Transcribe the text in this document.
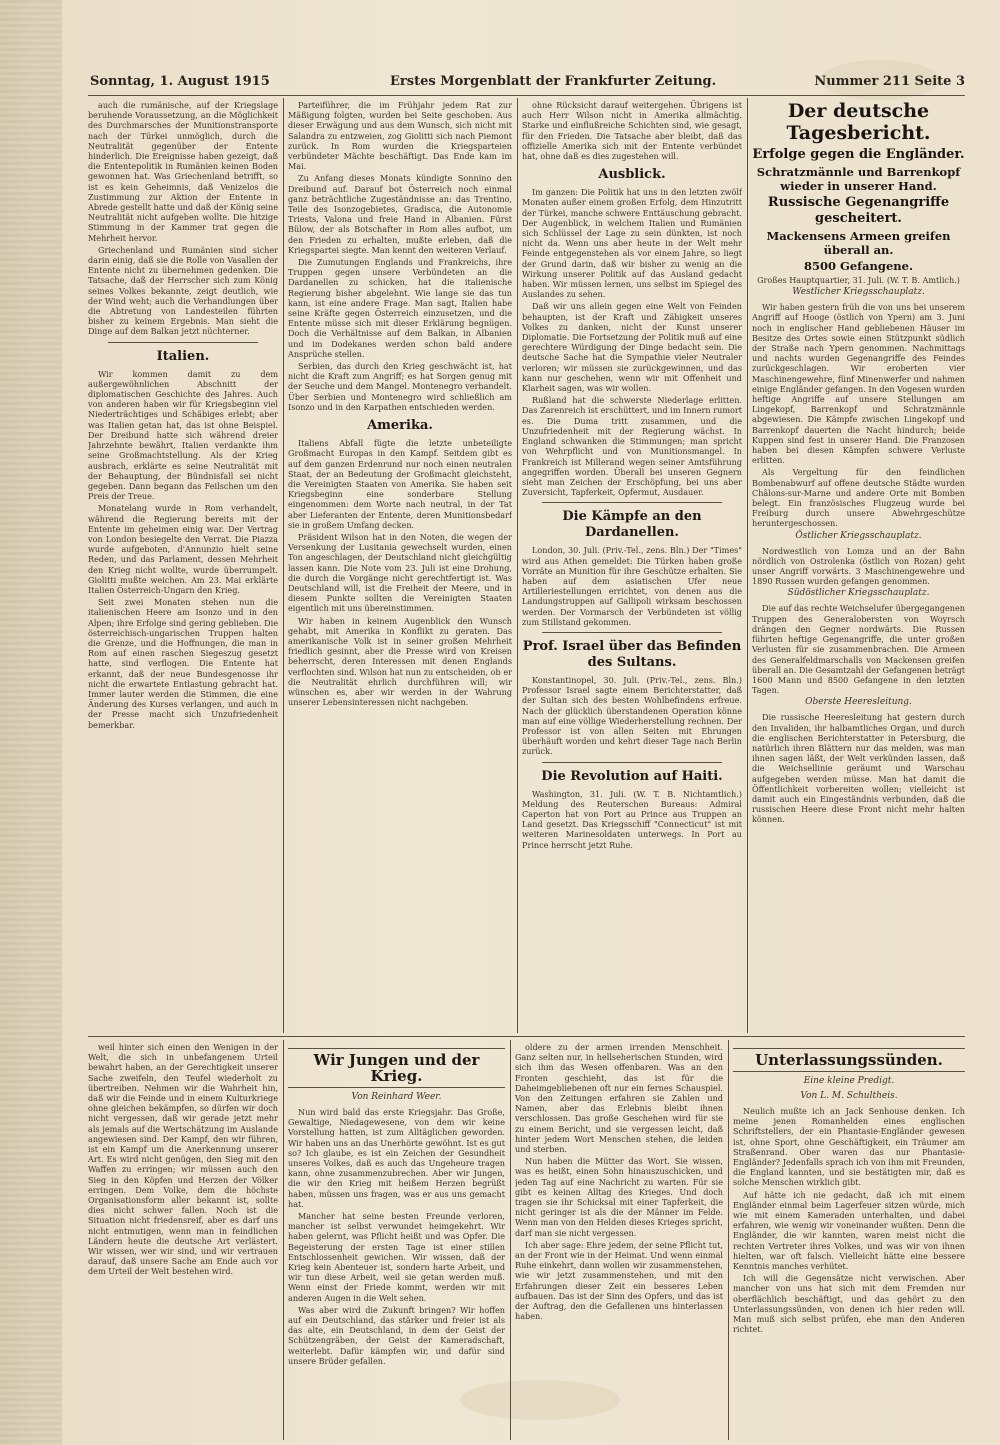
Sonntag, 1. August 1915	Erstes Morgenblatt der Frankfurter Zeitung.	Nummer 211 Seite 3

auch die rumänische, auf der Kriegslage beruhende Voraussetzung, an die Möglichkeit des Durchmarsches der Munitionstransporte nach der Türkei unmöglich, durch die Neutralität gegenüber der Entente hinderlich. Die Ereignisse haben gezeigt, daß die Ententepolitik in Rumänien keinen Boden gewonnen hat. Was Griechenland betrifft, so ist es kein Geheimnis, daß Venizelos die Zustimmung zur Aktion der Entente in Abrede gestellt hatte und daß der König seine Neutralität nicht aufgeben wollte. Die hitzige Stimmung in der Kammer trat gegen die Mehrheit hervor.

Griechenland und Rumänien sind sicher darin einig, daß sie die Rolle von Vasallen der Entente nicht zu übernehmen gedenken. Die Tatsache, daß der Herrscher sich zum König seines Volkes bekannte, zeigt deutlich, wie der Wind weht; auch die Verhandlungen über die Abtretung von Landesteilen führten bisher zu keinem Ergebnis. Man sieht die Dinge auf dem Balkan jetzt nüchterner.

Italien.

Wir kommen damit zu dem außergewöhnlichen Abschnitt der diplomatischen Geschichte des Jahres. Auch von anderen haben wir für Kriegsbeginn viel Niederträchtiges und Schäbiges erlebt; aber was Italien getan hat, das ist ohne Beispiel. Der Dreibund hatte sich während dreier Jahrzehnte bewährt, Italien verdankte ihm seine Großmachtstellung. Als der Krieg ausbrach, erklärte es seine Neutralität mit der Behauptung, der Bündnisfall sei nicht gegeben. Dann begann das Feilschen um den Preis der Treue.

Monatelang wurde in Rom verhandelt, während die Regierung bereits mit der Entente im geheimen einig war. Der Vertrag von London besiegelte den Verrat. Die Piazza wurde aufgeboten, d'Annunzio hielt seine Reden, und das Parlament, dessen Mehrheit den Krieg nicht wollte, wurde überrumpelt. Giolitti mußte weichen. Am 23. Mai erklärte Italien Österreich-Ungarn den Krieg.

Seit zwei Monaten stehen nun die italienischen Heere am Isonzo und in den Alpen; ihre Erfolge sind gering geblieben. Die österreichisch-ungarischen Truppen halten die Grenze, und die Hoffnungen, die man in Rom auf einen raschen Siegeszug gesetzt hatte, sind verflogen. Die Entente hat erkannt, daß der neue Bundesgenosse ihr nicht die erwartete Entlastung gebracht hat. Immer lauter werden die Stimmen, die eine Änderung des Kurses verlangen, und auch in der Presse macht sich Unzufriedenheit bemerkbar.

Parteiführer, die im Frühjahr jedem Rat zur Mäßigung folgten, wurden bei Seite geschoben. Aus dieser Erwägung und aus dem Wunsch, sich nicht mit Salandra zu entzweien, zog Giolitti sich nach Piemont zurück. In Rom wurden die Kriegsparteien verbündeter Mächte beschäftigt. Das Ende kam im Mai.

Zu Anfang dieses Monats kündigte Sonnino den Dreibund auf. Darauf bot Österreich noch einmal ganz beträchtliche Zugeständnisse an: das Trentino, Teile des Isonzogebietes, Gradisca, die Autonomie Triests, Valona und freie Hand in Albanien. Fürst Bülow, der als Botschafter in Rom alles aufbot, um den Frieden zu erhalten, mußte erleben, daß die Kriegspartei siegte. Man kennt den weiteren Verlauf.

Die Zumutungen Englands und Frankreichs, ihre Truppen gegen unsere Verbündeten an die Dardanellen zu schicken, hat die italienische Regierung bisher abgelehnt. Wie lange sie das tun kann, ist eine andere Frage. Man sagt, Italien habe seine Kräfte gegen Österreich einzusetzen, und die Entente müsse sich mit dieser Erklärung begnügen. Doch die Verhältnisse auf dem Balkan, in Albanien und im Dodekanes werden schon bald andere Ansprüche stellen.

Serbien, das durch den Krieg geschwächt ist, hat nicht die Kraft zum Angriff; es hat Sorgen genug mit der Seuche und dem Mangel. Montenegro verhandelt. Über Serbien und Montenegro wird schließlich am Isonzo und in den Karpathen entschieden werden.

Amerika.

Italiens Abfall fügte die letzte unbeteiligte Großmacht Europas in den Kampf. Seitdem gibt es auf dem ganzen Erdenrund nur noch einen neutralen Staat, der an Bedeutung der Großmacht gleichsteht, die Vereinigten Staaten von Amerika. Sie haben seit Kriegsbeginn eine sonderbare Stellung eingenommen: dem Worte nach neutral, in der Tat aber Lieferanten der Entente, deren Munitionsbedarf sie in großem Umfang decken.

Präsident Wilson hat in den Noten, die wegen der Versenkung der Lusitania gewechselt wurden, einen Ton angeschlagen, der Deutschland nicht gleichgültig lassen kann. Die Note vom 23. Juli ist eine Drohung, die durch die Vorgänge nicht gerechtfertigt ist. Was Deutschland will, ist die Freiheit der Meere, und in diesem Punkte sollten die Vereinigten Staaten eigentlich mit uns übereinstimmen.

Wir haben in keinem Augenblick den Wunsch gehabt, mit Amerika in Konflikt zu geraten. Das amerikanische Volk ist in seiner großen Mehrheit friedlich gesinnt, aber die Presse wird von Kreisen beherrscht, deren Interessen mit denen Englands verflochten sind. Wilson hat nun zu entscheiden, ob er die Neutralität ehrlich durchführen will; wir wünschen es, aber wir werden in der Wahrung unserer Lebensinteressen nicht nachgeben.

ohne Rücksicht darauf weitergehen. Übrigens ist auch Herr Wilson nicht in Amerika allmächtig. Starke und einflußreiche Schichten sind, wie gesagt, für den Frieden. Die Tatsache aber bleibt, daß das offizielle Amerika sich mit der Entente verbündet hat, ohne daß es dies zugestehen will.

Ausblick.

Im ganzen: Die Politik hat uns in den letzten zwölf Monaten außer einem großen Erfolg, dem Hinzutritt der Türkei, manche schwere Enttäuschung gebracht. Der Augenblick, in welchem Italien und Rumänien sich Schlüssel der Lage zu sein dünkten, ist noch nicht da. Wenn uns aber heute in der Welt mehr Feinde entgegenstehen als vor einem Jahre, so liegt der Grund darin, daß wir bisher zu wenig an die Wirkung unserer Politik auf das Ausland gedacht haben. Wir müssen lernen, uns selbst im Spiegel des Auslandes zu sehen.

Daß wir uns allein gegen eine Welt von Feinden behaupten, ist der Kraft und Zähigkeit unseres Volkes zu danken, nicht der Kunst unserer Diplomatie. Die Fortsetzung der Politik muß auf eine gerechtere Würdigung der Dinge bedacht sein. Die deutsche Sache hat die Sympathie vieler Neutraler verloren; wir müssen sie zurückgewinnen, und das kann nur geschehen, wenn wir mit Offenheit und Klarheit sagen, was wir wollen.

Rußland hat die schwerste Niederlage erlitten. Das Zarenreich ist erschüttert, und im Innern rumort es. Die Duma tritt zusammen, und die Unzufriedenheit mit der Regierung wächst. In England schwanken die Stimmungen; man spricht von Wehrpflicht und von Munitionsmangel. In Frankreich ist Millerand wegen seiner Amtsführung angegriffen worden. Überall bei unseren Gegnern sieht man Zeichen der Erschöpfung, bei uns aber Zuversicht, Tapferkeit, Opfermut, Ausdauer.

Die Kämpfe an den Dardanellen.

London, 30. Juli. (Priv.-Tel., zens. Bln.) Der "Times" wird aus Athen gemeldet: Die Türken haben große Vorräte an Munition für ihre Geschütze erhalten. Sie haben auf dem asiatischen Ufer neue Artilleriestellungen errichtet, von denen aus die Landungstruppen auf Gallipoli wirksam beschossen werden. Der Vormarsch der Verbündeten ist völlig zum Stillstand gekommen.

Prof. Israel über das Befinden des Sultans.

Konstantinopel, 30. Juli. (Priv.-Tel., zens. Bln.) Professor Israel sagte einem Berichterstatter, daß der Sultan sich des besten Wohlbefindens erfreue. Nach der glücklich überstandenen Operation könne man auf eine völlige Wiederherstellung rechnen. Der Professor ist von allen Seiten mit Ehrungen überhäuft worden und kehrt dieser Tage nach Berlin zurück.

Die Revolution auf Haiti.

Washington, 31. Juli. (W. T. B. Nichtamtlich.) Meldung des Reuterschen Bureaus: Admiral Caperton hat von Port au Prince aus Truppen an Land gesetzt. Das Kriegsschiff "Connecticut" ist mit weiteren Marinesoldaten unterwegs. In Port au Prince herrscht jetzt Ruhe.

Der deutsche Tagesbericht.
Erfolge gegen die Engländer.
Schratzmännle und Barrenkopf wieder in unserer Hand.
Russische Gegenangriffe gescheitert.
Mackensens Armeen greifen überall an.
8500 Gefangene.

Großes Hauptquartier, 31. Juli. (W. T. B. Amtlich.)

Westlicher Kriegsschauplatz.

Wir haben gestern früh die von uns bei unserem Angriff auf Hooge (östlich von Ypern) am 3. Juni noch in englischer Hand gebliebenen Häuser im Besitze des Ortes sowie einen Stützpunkt südlich der Straße nach Ypern genommen. Nachmittags und nachts wurden Gegenangriffe des Feindes zurückgeschlagen. Wir eroberten vier Maschinengewehre, fünf Minenwerfer und nahmen einige Engländer gefangen. In den Vogesen wurden heftige Angriffe auf unsere Stellungen am Lingekopf, Barrenkopf und Schratzmännle abgewiesen. Die Kämpfe zwischen Lingekopf und Barrenkopf dauerten die Nacht hindurch; beide Kuppen sind fest in unserer Hand. Die Franzosen haben bei diesen Kämpfen schwere Verluste erlitten.

Als Vergeltung für den feindlichen Bombenabwurf auf offene deutsche Städte wurden Châlons-sur-Marne und andere Orte mit Bomben belegt. Ein französisches Flugzeug wurde bei Freiburg durch unsere Abwehrgeschütze heruntergeschossen.

Östlicher Kriegsschauplatz.

Nordwestlich von Lomza und an der Bahn nördlich von Ostrolenka (östlich von Rozan) geht unser Angriff vorwärts. 3 Maschinengewehre und 1890 Russen wurden gefangen genommen.

Südöstlicher Kriegsschauplatz.

Die auf das rechte Weichselufer übergegangenen Truppen des Generalobersten von Woyrsch drängen den Gegner nordwärts. Die Russen führten heftige Gegenangriffe, die unter großen Verlusten für sie zusammenbrachen. Die Armeen des Generalfeldmarschalls von Mackensen greifen überall an. Die Gesamtzahl der Gefangenen beträgt 1600 Mann und 8500 Gefangene in den letzten Tagen.

Oberste Heeresleitung.

Die russische Heeresleitung hat gestern durch den Invaliden, ihr halbamtliches Organ, und durch die englischen Berichterstatter in Petersburg, die natürlich ihren Blättern nur das melden, was man ihnen sagen läßt, der Welt verkünden lassen, daß die Weichsellinie geräumt und Warschau aufgegeben werden müsse. Man hat damit die Öffentlichkeit vorbereiten wollen; vielleicht ist damit auch ein Eingeständnis verbunden, daß die russischen Heere diese Front nicht mehr halten können.

weil hinter sich einen den Wenigen in der Welt, die sich in unbefangenem Urteil bewahrt haben, an der Gerechtigkeit unserer Sache zweifeln, den Teufel wiederholt zu übertreiben. Nehmen wir die Wahrheit hin, daß wir die Feinde und in einem Kulturkriege ohne gleichen bekämpfen, so dürfen wir doch nicht vergessen, daß wir gerade jetzt mehr als jemals auf die Wertschätzung im Auslande angewiesen sind. Der Kampf, den wir führen, ist ein Kampf um die Anerkennung unserer Art. Es wird nicht genügen, den Sieg mit den Waffen zu erringen; wir müssen auch den Sieg in den Köpfen und Herzen der Völker erringen. Dem Volke, dem die höchste Organisationsform aller bekannt ist, sollte dies nicht schwer fallen. Noch ist die Situation nicht friedensreif, aber es darf uns nicht entmutigen, wenn man in feindlichen Ländern heute die deutsche Art verlästert. Wir wissen, wer wir sind, und wir vertrauen darauf, daß unsere Sache am Ende auch vor dem Urteil der Welt bestehen wird.

Wir Jungen und der Krieg.
Von Reinhard Weer.

Nun wird bald das erste Kriegsjahr. Das Große, Gewaltige, Niedagewesene, von dem wir keine Vorstellung hatten, ist zum Alltäglichen geworden. Wir haben uns an das Unerhörte gewöhnt. Ist es gut so? Ich glaube, es ist ein Zeichen der Gesundheit unseres Volkes, daß es auch das Ungeheure tragen kann, ohne zusammenzubrechen. Aber wir Jungen, die wir den Krieg mit heißem Herzen begrüßt haben, müssen uns fragen, was er aus uns gemacht hat.

Mancher hat seine besten Freunde verloren, mancher ist selbst verwundet heimgekehrt. Wir haben gelernt, was Pflicht heißt und was Opfer. Die Begeisterung der ersten Tage ist einer stillen Entschlossenheit gewichen. Wir wissen, daß der Krieg kein Abenteuer ist, sondern harte Arbeit, und wir tun diese Arbeit, weil sie getan werden muß. Wenn einst der Friede kommt, werden wir mit anderen Augen in die Welt sehen.

Was aber wird die Zukunft bringen? Wir hoffen auf ein Deutschland, das stärker und freier ist als das alte, ein Deutschland, in dem der Geist der Schützengräben, der Geist der Kameradschaft, weiterlebt. Dafür kämpfen wir, und dafür sind unsere Brüder gefallen.

oldere zu der armen irrenden Menschheit. Ganz selten nur, in hellseherischen Stunden, wird sich ihm das Wesen offenbaren. Was an den Fronten geschieht, das ist für die Daheimgebliebenen oft nur ein fernes Schauspiel. Von den Zeitungen erfahren sie Zahlen und Namen, aber das Erlebnis bleibt ihnen verschlossen. Das große Geschehen wird für sie zu einem Bericht, und sie vergessen leicht, daß hinter jedem Wort Menschen stehen, die leiden und sterben.

Nun haben die Mütter das Wort. Sie wissen, was es heißt, einen Sohn hinauszuschicken, und jeden Tag auf eine Nachricht zu warten. Für sie gibt es keinen Alltag des Krieges. Und doch tragen sie ihr Schicksal mit einer Tapferkeit, die nicht geringer ist als die der Männer im Felde. Wenn man von den Helden dieses Krieges spricht, darf man sie nicht vergessen.

Ich aber sage: Ehre jedem, der seine Pflicht tut, an der Front wie in der Heimat. Und wenn einmal Ruhe einkehrt, dann wollen wir zusammenstehen, wie wir jetzt zusammenstehen, und mit den Erfahrungen dieser Zeit ein besseres Leben aufbauen. Das ist der Sinn des Opfers, und das ist der Auftrag, den die Gefallenen uns hinterlassen haben.

Unterlassungssünden.
Eine kleine Predigt.
Von L. M. Schultheis.

Neulich mußte ich an Jack Senhouse denken. Ich meine jenen Romanhelden eines englischen Schriftstellers, der ein Phantasie-Engländer gewesen ist, ohne Sport, ohne Geschäftigkeit, ein Träumer am Straßenrand. Ober waren das nur Phantasie-Engländer? Jedenfalls sprach ich von ihm mit Freunden, die England kannten, und sie bestätigten mir, daß es solche Menschen wirklich gibt.

Auf hätte ich nie gedacht, daß ich mit einem Engländer einmal beim Lagerfeuer sitzen würde, mich wie mit einem Kameraden unterhalten, und dabei erfahren, wie wenig wir voneinander wußten. Denn die Engländer, die wir kannten, waren meist nicht die rechten Vertreter ihres Volkes, und was wir von ihnen hielten, war oft falsch. Vielleicht hätte eine bessere Kenntnis manches verhütet.

Ich will die Gegensätze nicht verwischen. Aber mancher von uns hat sich mit dem Fremden nur oberflächlich beschäftigt, und das gehört zu den Unterlassungssünden, von denen ich hier reden will. Man muß sich selbst prüfen, ehe man den Anderen richtet.
